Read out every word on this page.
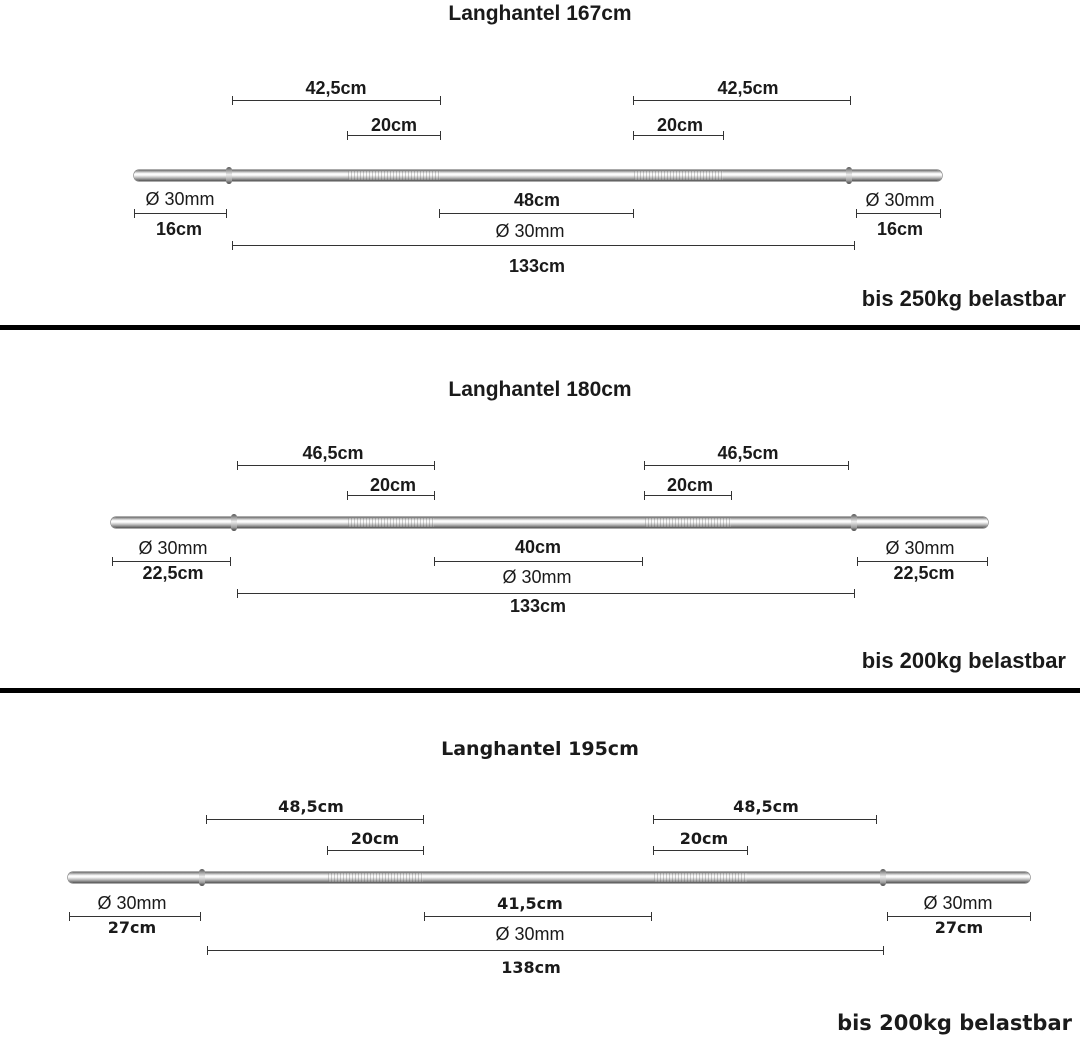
Langhantel 167cm
42,5cm	42,5cm
20cm	20cm
Ø 30mm
16cm
48cm
Ø 30mm
Ø 30mm
16cm
133cm
bis 250kg belastbar
Langhantel 180cm
46,5cm	46,5cm
20cm	20cm
Ø 30mm
22,5cm
40cm
Ø 30mm
Ø 30mm
22,5cm
133cm
bis 200kg belastbar
Langhantel 195cm
48,5cm	48,5cm
20cm	20cm
Ø 30mm
27cm
41,5cm
Ø 30mm
Ø 30mm
27cm
138cm
bis 200kg belastbar
